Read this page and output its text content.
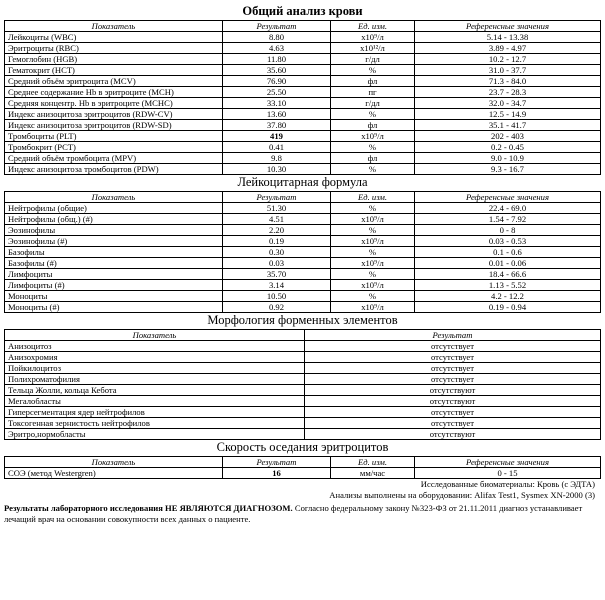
Общий анализ крови
Показатель	Результат	Ед. изм.	Референсные значения
Лейкоциты (WBC)	8.80	x10⁹/л	5.14 - 13.38
Эритроциты (RBC)	4.63	x10¹²/л	3.89 - 4.97
Гемоглобин (HGB)	11.80	г/дл	10.2 - 12.7
Гематокрит (HCT)	35.60	%	31.0 - 37.7
Средний объём эритроцита (MCV)	76.90	фл	71.3 - 84.0
Среднее содержание Hb в эритроците (MCH)	25.50	пг	23.7 - 28.3
Средняя концентр. Hb в эритроците (MCHC)	33.10	г/дл	32.0 - 34.7
Индекс анизоцитоза эритроцитов (RDW-CV)	13.60	%	12.5 - 14.9
Индекс анизоцитоза эритроцитов (RDW-SD)	37.80	фл	35.1 - 41.7
Тромбоциты (PLT)	419	x10⁹/л	202 - 403
Тромбокрит (PCT)	0.41	%	0.2 - 0.45
Средний объём тромбоцита (MPV)	9.8	фл	9.0 - 10.9
Индекс анизоцитоза тромбоцитов (PDW)	10.30	%	9.3 - 16.7
Лейкоцитарная формула
Показатель	Результат	Ед. изм.	Референсные значения
Нейтрофилы (общие)	51.30	%	22.4 - 69.0
Нейтрофилы (общ.) (#)	4.51	x10⁹/л	1.54 - 7.92
Эозинофилы	2.20	%	0 - 8
Эозинофилы (#)	0.19	x10⁹/л	0.03 - 0.53
Базофилы	0.30	%	0.1 - 0.6
Базофилы (#)	0.03	x10⁹/л	0.01 - 0.06
Лимфоциты	35.70	%	18.4 - 66.6
Лимфоциты (#)	3.14	x10⁹/л	1.13 - 5.52
Моноциты	10.50	%	4.2 - 12.2
Моноциты (#)	0.92	x10⁹/л	0.19 - 0.94
Морфология форменных элементов
Показатель	Результат
Анизоцитоз	отсутствует
Анизохромия	отсутствует
Пойкилоцитоз	отсутствует
Полихроматофилия	отсутствует
Тельца Жолли, кольца Кебота	отсутствуют
Мегалобласты	отсутствуют
Гиперсегментация ядер нейтрофилов	отсутствует
Токсогенная зернистость нейтрофилов	отсутствует
Эритро,нормобласты	отсутствуют
Скорость оседания эритроцитов
Показатель	Результат	Ед. изм.	Референсные значения
СОЭ (метод Westergren)	16	мм/час	0 - 15
Исследованные биоматериалы: Кровь (с ЭДТА)
Анализы выполнены на оборудовании: Alifax Test1, Sysmex XN-2000 (3)
Результаты лабораторного исследования НЕ ЯВЛЯЮТСЯ ДИАГНОЗОМ. Согласно федеральному закону №323-ФЗ от 21.11.2011 диагноз устанавливает лечащий врач на основании совокупности всех данных о пациенте.
